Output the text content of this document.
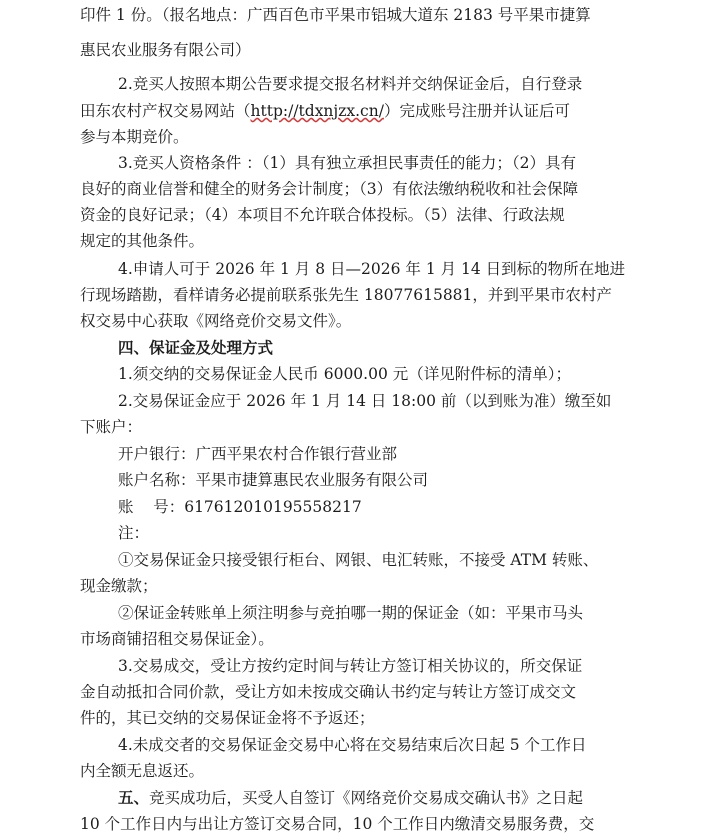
印件 1 份。（报名地点：广西百色市平果市铝城大道东 2183 号平果市捷算
惠民农业服务有限公司）
2.竞买人按照本期公告要求提交报名材料并交纳保证金后，自行登录
田东农村产权交易网站（http://tdxnjzx.cn/）完成账号注册并认证后可
参与本期竞价。
3.竞买人资格条件 ：（1）具有独立承担民事责任的能力；（2）具有
良好的商业信誉和健全的财务会计制度；（3）有依法缴纳税收和社会保障
资金的良好记录；（4）本项目不允许联合体投标。（5）法律、行政法规
规定的其他条件。
4.申请人可于 2026 年 1 月 8 日—2026 年 1 月 14 日到标的物所在地进
行现场踏勘，看样请务必提前联系张先生 18077615881，并到平果市农村产
权交易中心获取《网络竞价交易文件》。
四、保证金及处理方式
1.须交纳的交易保证金人民币 6000.00 元（详见附件标的清单）；
2.交易保证金应于 2026 年 1 月 14 日 18:00 前（以到账为准）缴至如
下账户：
开户银行：广西平果农村合作银行营业部
账户名称：平果市捷算惠民农业服务有限公司
账    号：617612010195558217
注：
①交易保证金只接受银行柜台、网银、电汇转账，不接受 ATM 转账、
现金缴款；
②保证金转账单上须注明参与竞拍哪一期的保证金（如：平果市马头
市场商铺招租交易保证金）。
3.交易成交，受让方按约定时间与转让方签订相关协议的，所交保证
金自动抵扣合同价款，受让方如未按成交确认书约定与转让方签订成交文
件的，其已交纳的交易保证金将不予返还；
4.未成交者的交易保证金交易中心将在交易结束后次日起 5 个工作日
内全额无息返还。
五、竞买成功后，买受人自签订《网络竞价交易成交确认书》之日起
10 个工作日内与出让方签订交易合同，10 个工作日内缴清交易服务费，交
